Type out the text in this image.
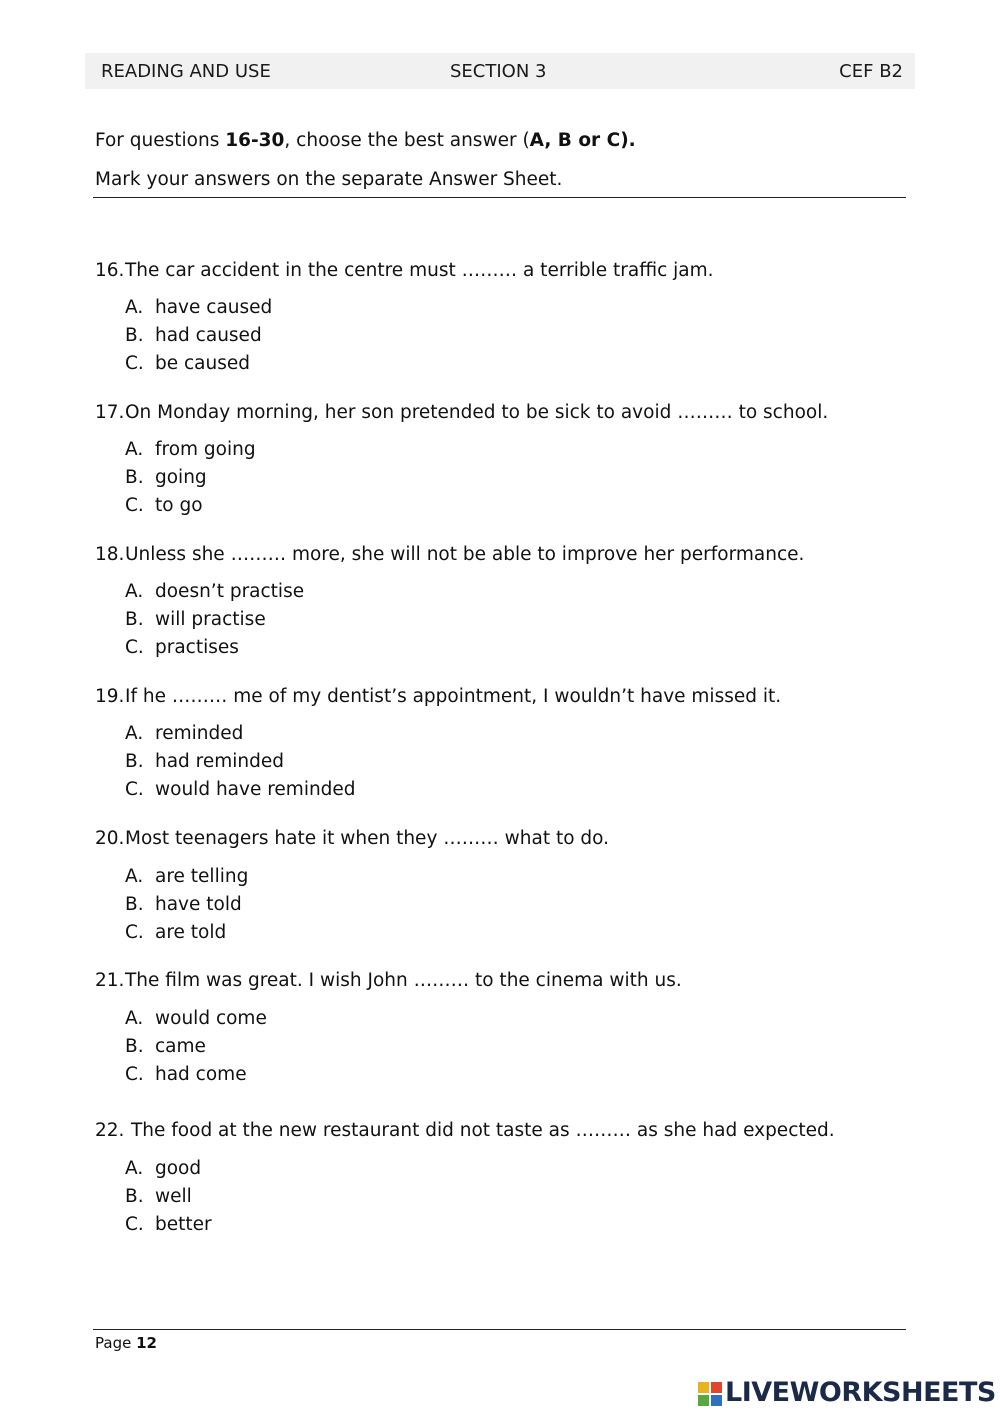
READING AND USE	SECTION 3	CEF B2
For questions 16-30, choose the best answer (A, B or C).
Mark your answers on the separate Answer Sheet.
16.The car accident in the centre must ……… a terrible traffic jam.
A. have caused
B. had caused
C. be caused
17.On Monday morning, her son pretended to be sick to avoid ……… to school.
A. from going
B. going
C. to go
18.Unless she ……… more, she will not be able to improve her performance.
A. doesn’t practise
B. will practise
C. practises
19.If he ……… me of my dentist’s appointment, I wouldn’t have missed it.
A. reminded
B. had reminded
C. would have reminded
20.Most teenagers hate it when they ……… what to do.
A. are telling
B. have told
C. are told
21.The film was great. I wish John ……… to the cinema with us.
A. would come
B. came
C. had come
22. The food at the new restaurant did not taste as ……… as she had expected.
A. good
B. well
C. better
Page 12
LIVEWORKSHEETS
